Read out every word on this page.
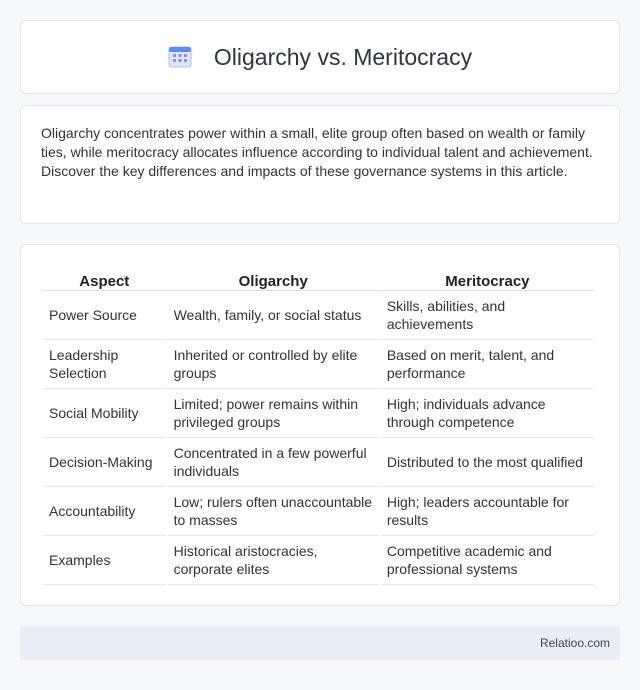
Oligarchy vs. Meritocracy

Oligarchy concentrates power within a small, elite group often based on wealth or family ties, while meritocracy allocates influence according to individual talent and achievement. Discover the key differences and impacts of these governance systems in this article.

Aspect	Oligarchy	Meritocracy
Power Source	Wealth, family, or social status	Skills, abilities, and achievements
Leadership Selection	Inherited or controlled by elite groups	Based on merit, talent, and performance
Social Mobility	Limited; power remains within privileged groups	High; individuals advance through competence
Decision-Making	Concentrated in a few powerful individuals	Distributed to the most qualified
Accountability	Low; rulers often unaccountable to masses	High; leaders accountable for results
Examples	Historical aristocracies, corporate elites	Competitive academic and professional systems
Relatioo.com
